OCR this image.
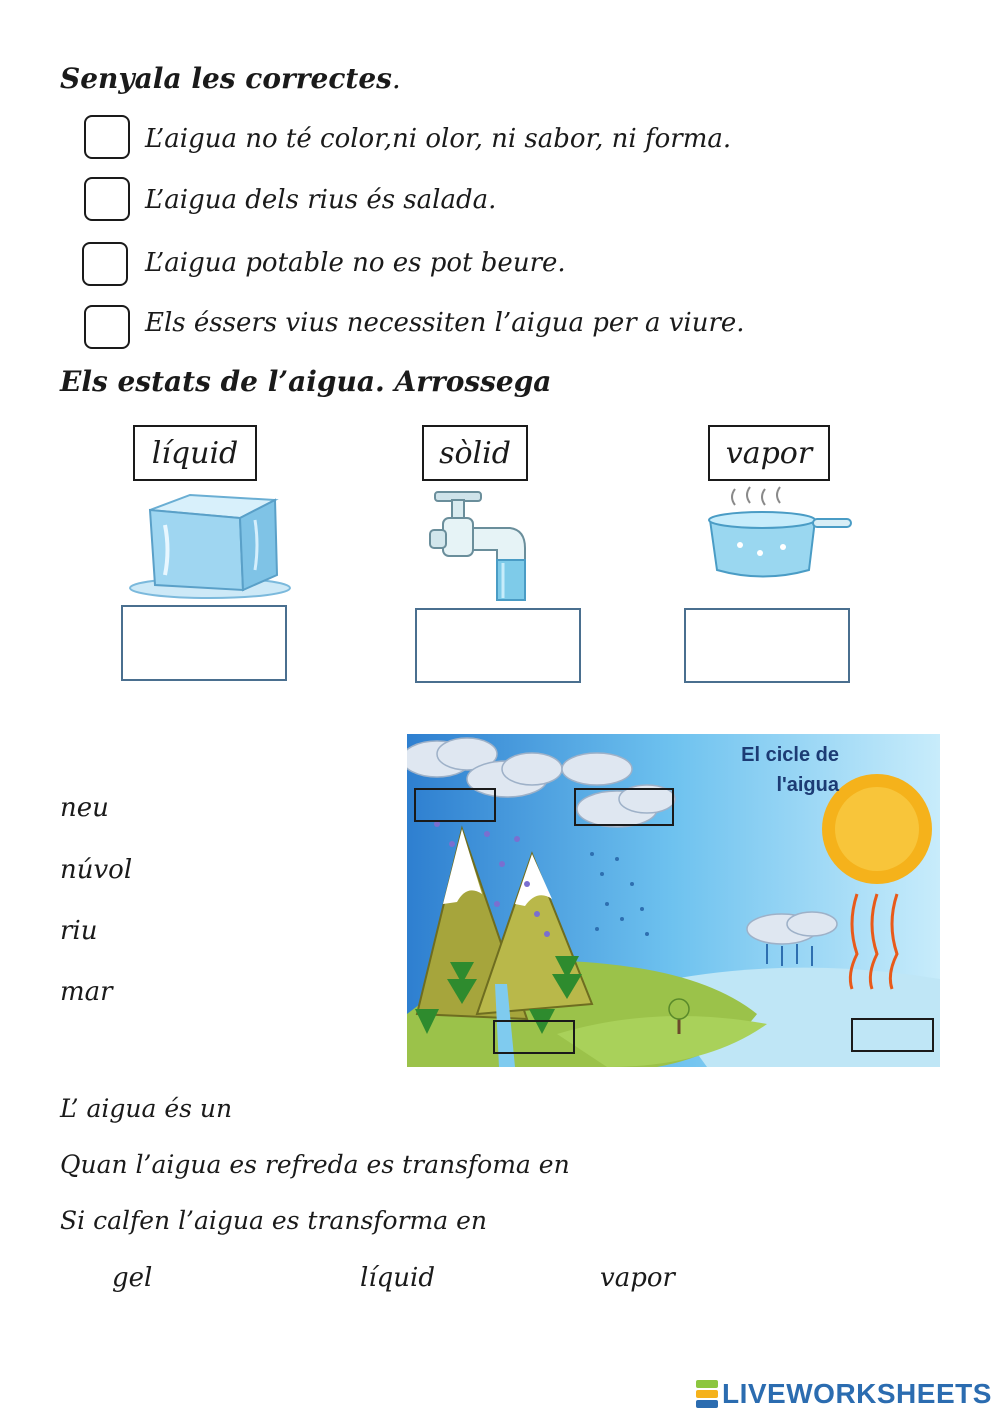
Senyala les correctes.
L’aigua no té color,ni olor, ni sabor, ni forma.
L’aigua dels rius és salada.
L’aigua potable no es pot beure.
Els éssers vius necessiten l’aigua per a viure.
Els estats de l’aigua. Arrossega
líquid	sòlid	vapor
neu
núvol
riu
mar
El cicle de
l'aigua
L’ aigua és un
Quan l’aigua es refreda es transfoma en
Si calfen l’aigua es transforma en
gel	líquid	vapor
LIVEWORKSHEETS
